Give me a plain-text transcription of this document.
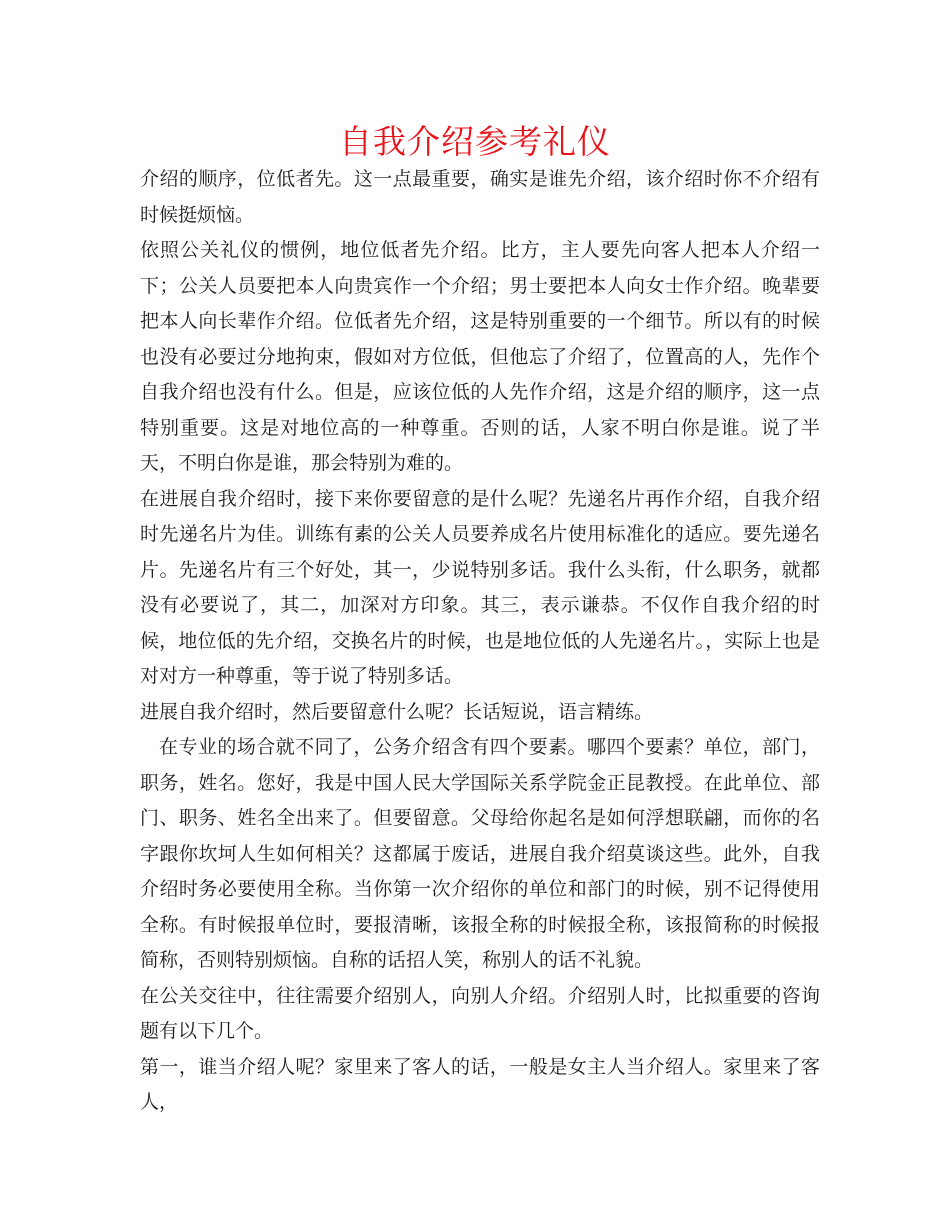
自我介绍参考礼仪

介绍的顺序，位低者先。这一点最重要，确实是谁先介绍，该介绍时你不介绍有时候挺烦恼。

依照公关礼仪的惯例，地位低者先介绍。比方，主人要先向客人把本人介绍一下；公关人员要把本人向贵宾作一个介绍；男士要把本人向女士作介绍。晚辈要把本人向长辈作介绍。位低者先介绍，这是特别重要的一个细节。所以有的时候也没有必要过分地拘束，假如对方位低，但他忘了介绍了，位置高的人，先作个自我介绍也没有什么。但是，应该位低的人先作介绍，这是介绍的顺序，这一点特别重要。这是对地位高的一种尊重。否则的话，人家不明白你是谁。说了半天，不明白你是谁，那会特别为难的。

在进展自我介绍时，接下来你要留意的是什么呢？先递名片再作介绍，自我介绍时先递名片为佳。训练有素的公关人员要养成名片使用标准化的适应。要先递名片。先递名片有三个好处，其一，少说特别多话。我什么头衔，什么职务，就都没有必要说了，其二，加深对方印象。其三，表示谦恭。不仅作自我介绍的时候，地位低的先介绍，交换名片的时候，也是地位低的人先递名片。，实际上也是对对方一种尊重，等于说了特别多话。

进展自我介绍时，然后要留意什么呢？长话短说，语言精练。

在专业的场合就不同了，公务介绍含有四个要素。哪四个要素？单位，部门，职务，姓名。您好，我是中国人民大学国际关系学院金正昆教授。在此单位、部门、职务、姓名全出来了。但要留意。父母给你起名是如何浮想联翩，而你的名字跟你坎坷人生如何相关？这都属于废话，进展自我介绍莫谈这些。此外，自我介绍时务必要使用全称。当你第一次介绍你的单位和部门的时候，别不记得使用全称。有时候报单位时，要报清晰，该报全称的时候报全称，该报简称的时候报简称，否则特别烦恼。自称的话招人笑，称别人的话不礼貌。

在公关交往中，往往需要介绍别人，向别人介绍。介绍别人时，比拟重要的咨询题有以下几个。

第一，谁当介绍人呢？家里来了客人的话，一般是女主人当介绍人。家里来了客人，
